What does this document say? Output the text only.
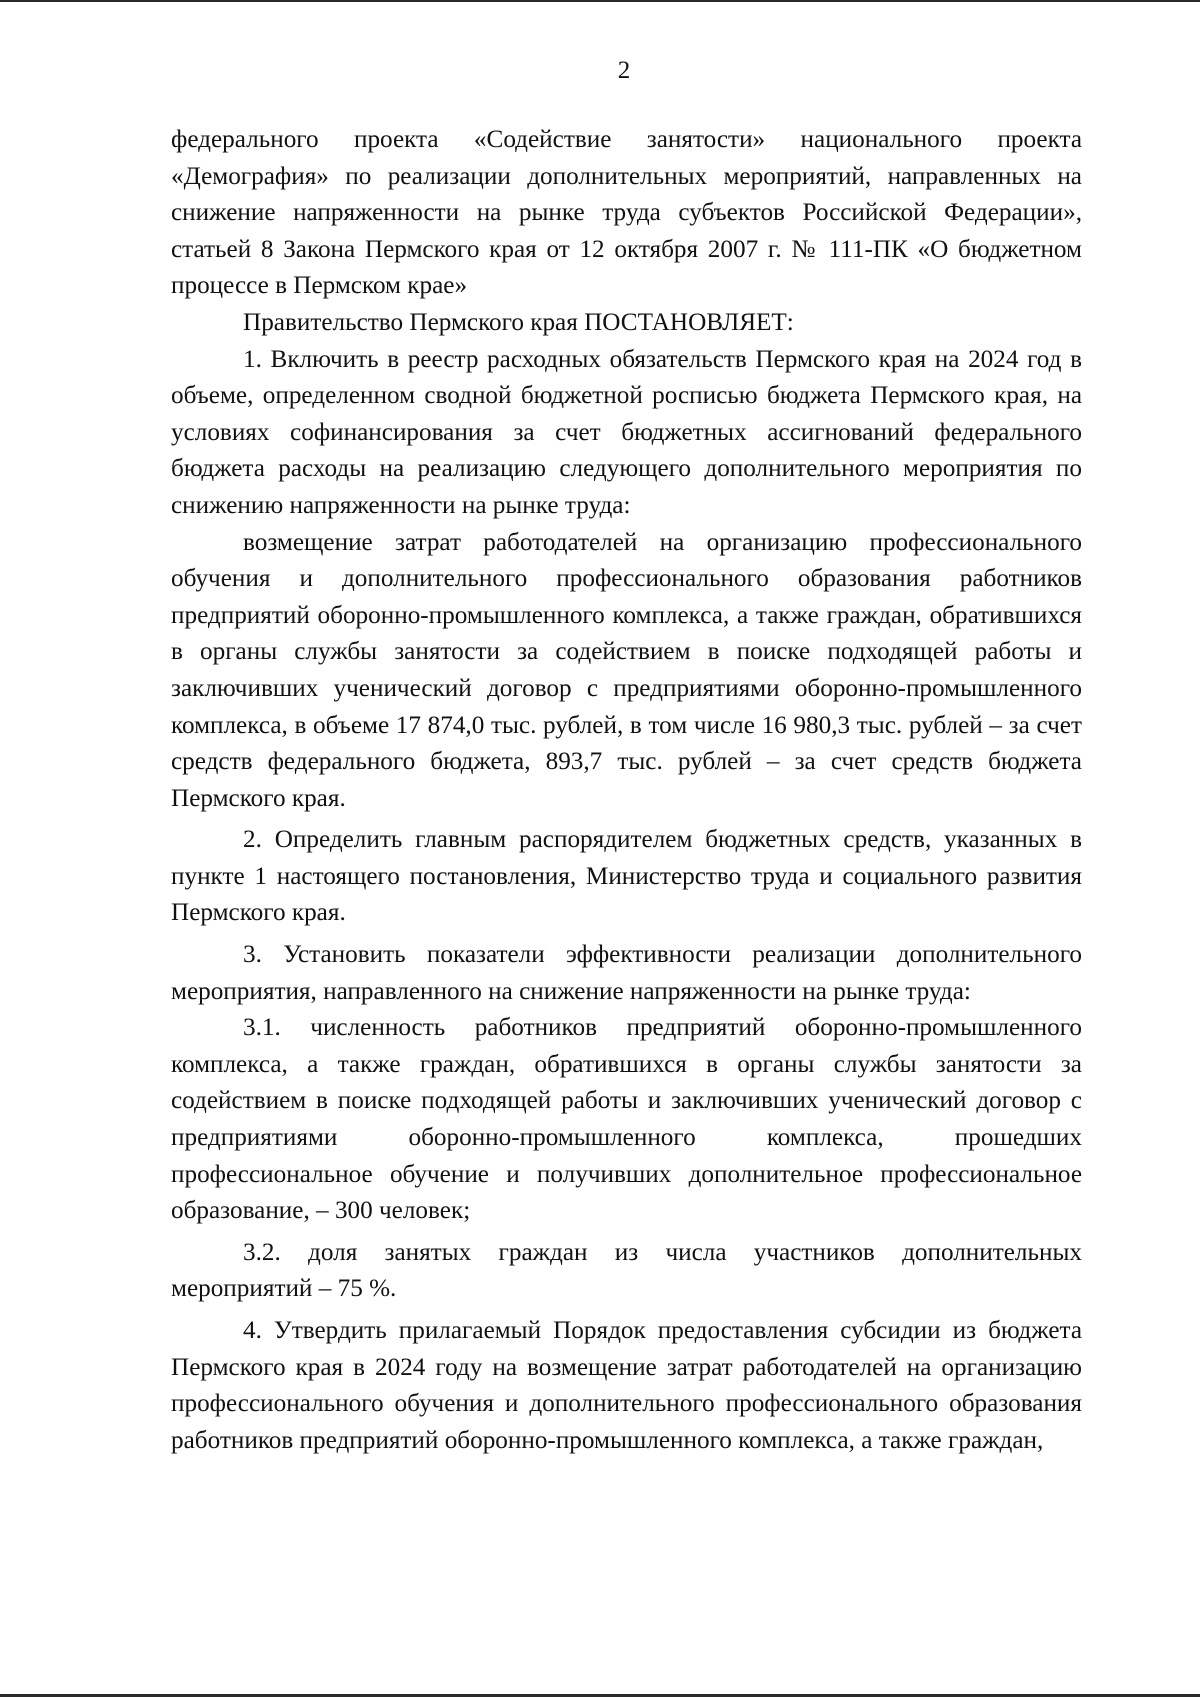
2

федерального проекта «Содействие занятости» национального проекта «Демография» по реализации дополнительных мероприятий, направленных на снижение напряженности на рынке труда субъектов Российской Федерации», статьей 8 Закона Пермского края от 12 октября 2007 г. № 111-ПК «О бюджетном процессе в Пермском крае»

Правительство Пермского края ПОСТАНОВЛЯЕТ:

1. Включить в реестр расходных обязательств Пермского края на 2024 год в объеме, определенном сводной бюджетной росписью бюджета Пермского края, на условиях софинансирования за счет бюджетных ассигнований федерального бюджета расходы на реализацию следующего дополнительного мероприятия по снижению напряженности на рынке труда:

возмещение затрат работодателей на организацию профессионального обучения и дополнительного профессионального образования работников предприятий оборонно-промышленного комплекса, а также граждан, обратившихся в органы службы занятости за содействием в поиске подходящей работы и заключивших ученический договор с предприятиями оборонно-промышленного комплекса, в объеме 17 874,0 тыс. рублей, в том числе 16 980,3 тыс. рублей – за счет средств федерального бюджета, 893,7 тыс. рублей – за счет средств бюджета Пермского края.

2. Определить главным распорядителем бюджетных средств, указанных в пункте 1 настоящего постановления, Министерство труда и социального развития Пермского края.

3. Установить показатели эффективности реализации дополнительного мероприятия, направленного на снижение напряженности на рынке труда:

3.1. численность работников предприятий оборонно-промышленного комплекса, а также граждан, обратившихся в органы службы занятости за содействием в поиске подходящей работы и заключивших ученический договор с предприятиями оборонно-промышленного комплекса, прошедших профессиональное обучение и получивших дополнительное профессиональное образование, – 300 человек;

3.2. доля занятых граждан из числа участников дополнительных мероприятий – 75 %.

4. Утвердить прилагаемый Порядок предоставления субсидии из бюджета Пермского края в 2024 году на возмещение затрат работодателей на организацию профессионального обучения и дополнительного профессионального образования работников предприятий оборонно-промышленного комплекса, а также граждан,
